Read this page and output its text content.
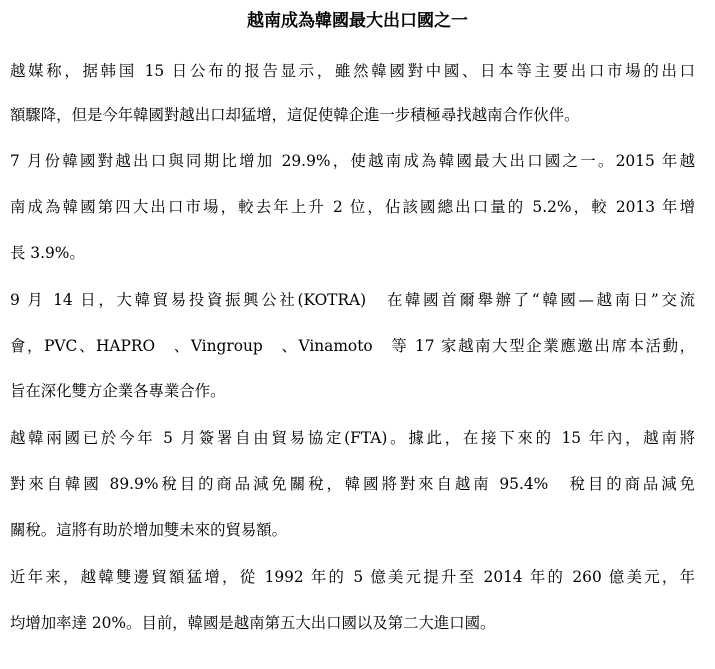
越南成為韓國最大出口國之一

越媒称，据韩国 15 日公布的报告显示，雖然韓國對中國、日本等主要出口市場的出口

額驟降，但是今年韓國對越出口却猛增，這促使韓企進一步積極尋找越南合作伙伴。

7 月份韓國對越出口與同期比增加 29.9%，使越南成為韓國最大出口國之一。2015 年越

南成為韓國第四大出口市場，較去年上升 2 位，佔該國總出口量的 5.2%，較 2013 年增

長 3.9%。

9 月 14 日，大韓貿易投資振興公社(KOTRA)　在韓國首爾舉辦了“韓國—越南日”交流

會，PVC、HAPRO　、Vingroup　、Vinamoto　等 17 家越南大型企業應邀出席本活動，

旨在深化雙方企業各專業合作。

越韓兩國已於今年 5 月簽署自由貿易協定(FTA)。據此，在接下來的 15 年內，越南將

對來自韓國 89.9%稅目的商品減免關稅，韓國將對來自越南 95.4%　稅目的商品減免

關稅。這將有助於增加雙未來的貿易額。

近年来，越韓雙邊貿額猛增，從 1992 年的 5 億美元提升至 2014 年的 260 億美元，年

均增加率達 20%。目前，韓國是越南第五大出口國以及第二大進口國。
